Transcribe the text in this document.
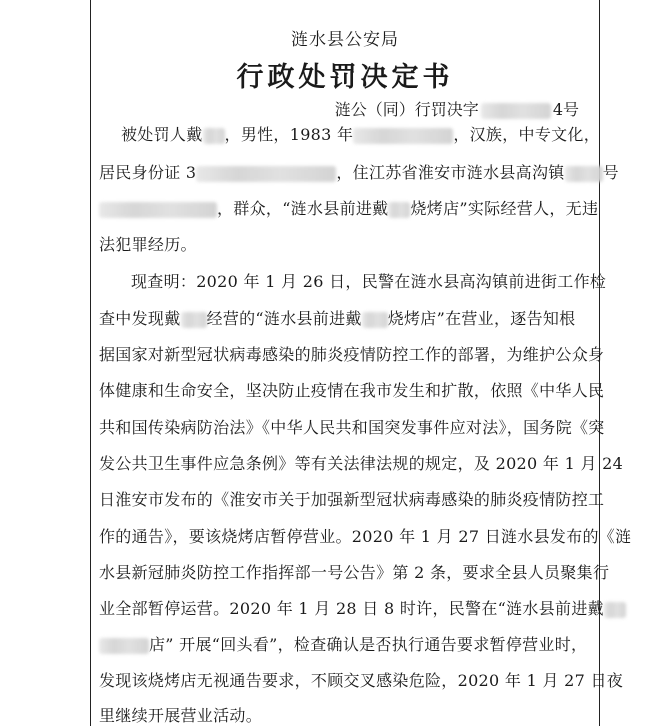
涟水县公安局
行政处罚决定书
涟公（同）行罚决字	4号
被处罚人戴 ，男性，1983 年	，汉族，中专文化，
居民身份证 3	，住江苏省淮安市涟水县高沟镇 号
，群众，“涟水县前进戴 烧烤店”实际经营人，无违
法犯罪经历。
现查明：2020 年 1 月 26 日，民警在涟水县高沟镇前进街工作检
查中发现戴 经营的“涟水县前进戴 烧烤店”在营业，逐告知根
据国家对新型冠状病毒感染的肺炎疫情防控工作的部署，为维护公众身
体健康和生命安全，坚决防止疫情在我市发生和扩散，依照《中华人民
共和国传染病防治法》《中华人民共和国突发事件应对法》，国务院《突
发公共卫生事件应急条例》等有关法律法规的规定，及 2020 年 1 月 24
日淮安市发布的《淮安市关于加强新型冠状病毒感染的肺炎疫情防控工
作的通告》，要该烧烤店暂停营业。2020 年 1 月 27 日涟水县发布的《涟
水县新冠肺炎防控工作指挥部一号公告》第 2 条，要求全县人员聚集行
业全部暂停运营。2020 年 1 月 28 日 8 时许，民警在“涟水县前进戴
店” 开展“回头看”，检查确认是否执行通告要求暂停营业时，
发现该烧烤店无视通告要求，不顾交叉感染危险，2020 年 1 月 27 日夜
里继续开展营业活动。
